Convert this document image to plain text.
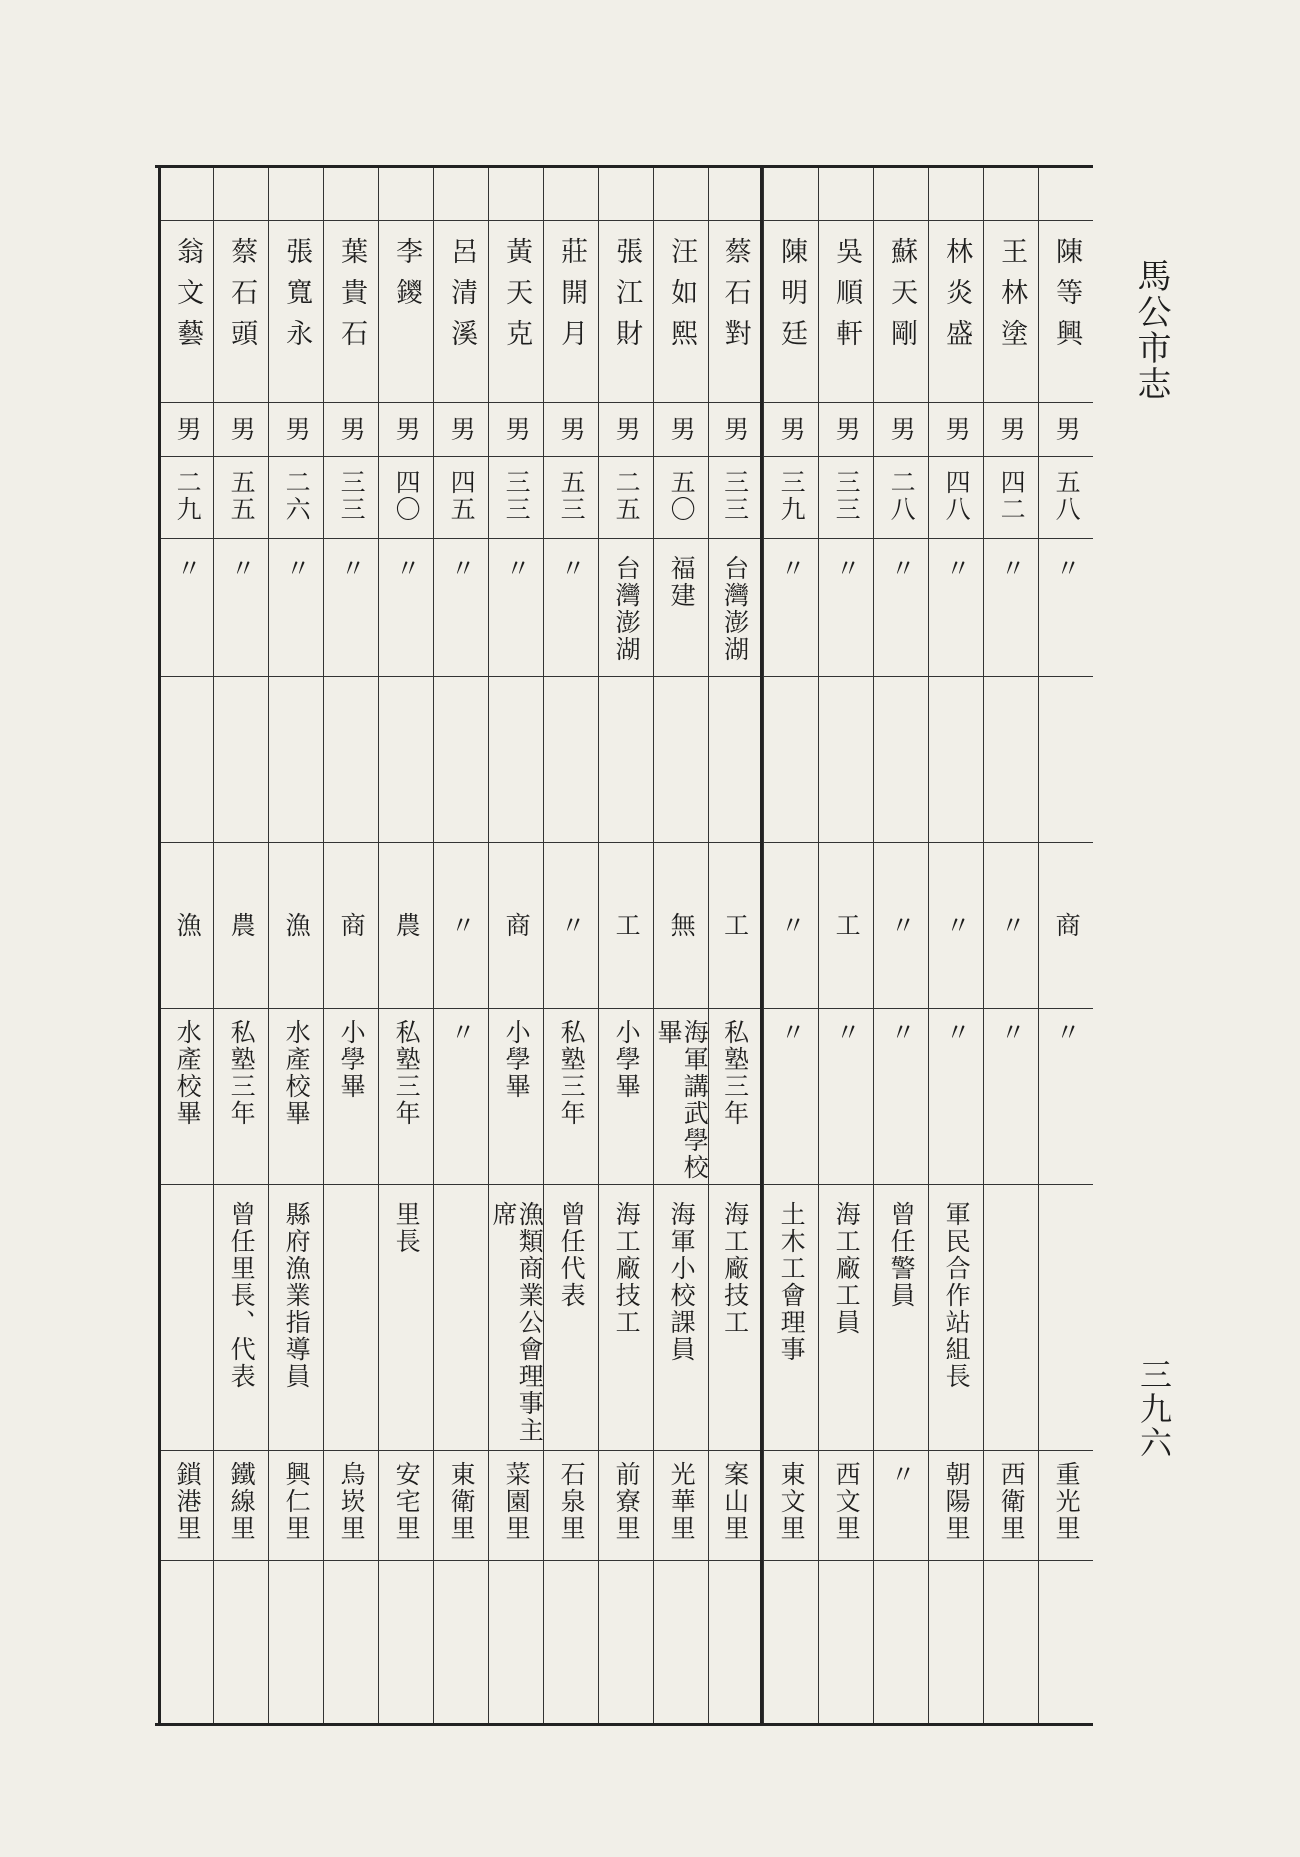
馬公市志
三九六
陳等興
男
五八
〃
商
〃
重光里
王林塗
男
四二
〃
〃
〃
西衛里
林炎盛
男
四八
〃
〃
〃
軍民合作站組長
朝陽里
蘇天剛
男
二八
〃
〃
〃
曾任警員
〃
吳順軒
男
三三
〃
工
〃
海工廠工員
西文里
陳明廷
男
三九
〃
〃
〃
土木工會理事
東文里
蔡石對
男
三三
台灣澎湖
工
私塾三年
海工廠技工
案山里
汪如熙
男
五〇
福建
無
海軍講武學校畢
海軍小校課員
光華里
張江財
男
二五
台灣澎湖
工
小學畢
海工廠技工
前寮里
莊開月
男
五三
〃
〃
私塾三年
曾任代表
石泉里
黃天克
男
三三
〃
商
小學畢
漁類商業公會理事主席
菜園里
呂清溪
男
四五
〃
〃
〃
東衛里
李鑁
男
四〇
〃
農
私塾三年
里長
安宅里
葉貴石
男
三三
〃
商
小學畢
烏崁里
張寬永
男
二六
〃
漁
水產校畢
縣府漁業指導員
興仁里
蔡石頭
男
五五
〃
農
私塾三年
曾任里長、代表
鐵線里
翁文藝
男
二九
〃
漁
水產校畢
鎖港里
